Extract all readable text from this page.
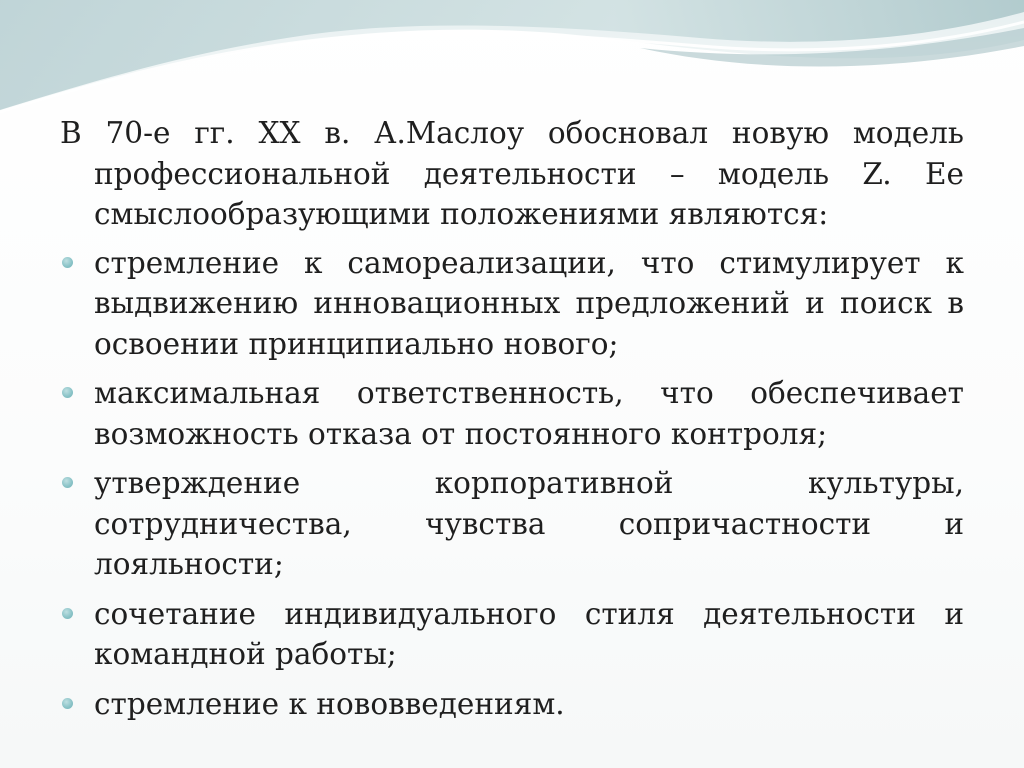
В 70-е гг. XX в. А.Маслоу обосновал новую модель профессиональной деятельности – модель Z. Ее смыслообразующими положениями являются:

стремление к самореализации, что стимулирует к выдвижению инновационных предложений и поиск в освоении принципиально нового;
максимальная ответственность, что обеспечивает возможность отказа от постоянного контроля;
утверждение корпоративной культуры, сотрудничества, чувства сопричастности и лояльности;
сочетание индивидуального стиля деятельности и командной работы;
стремление к нововведениям.
